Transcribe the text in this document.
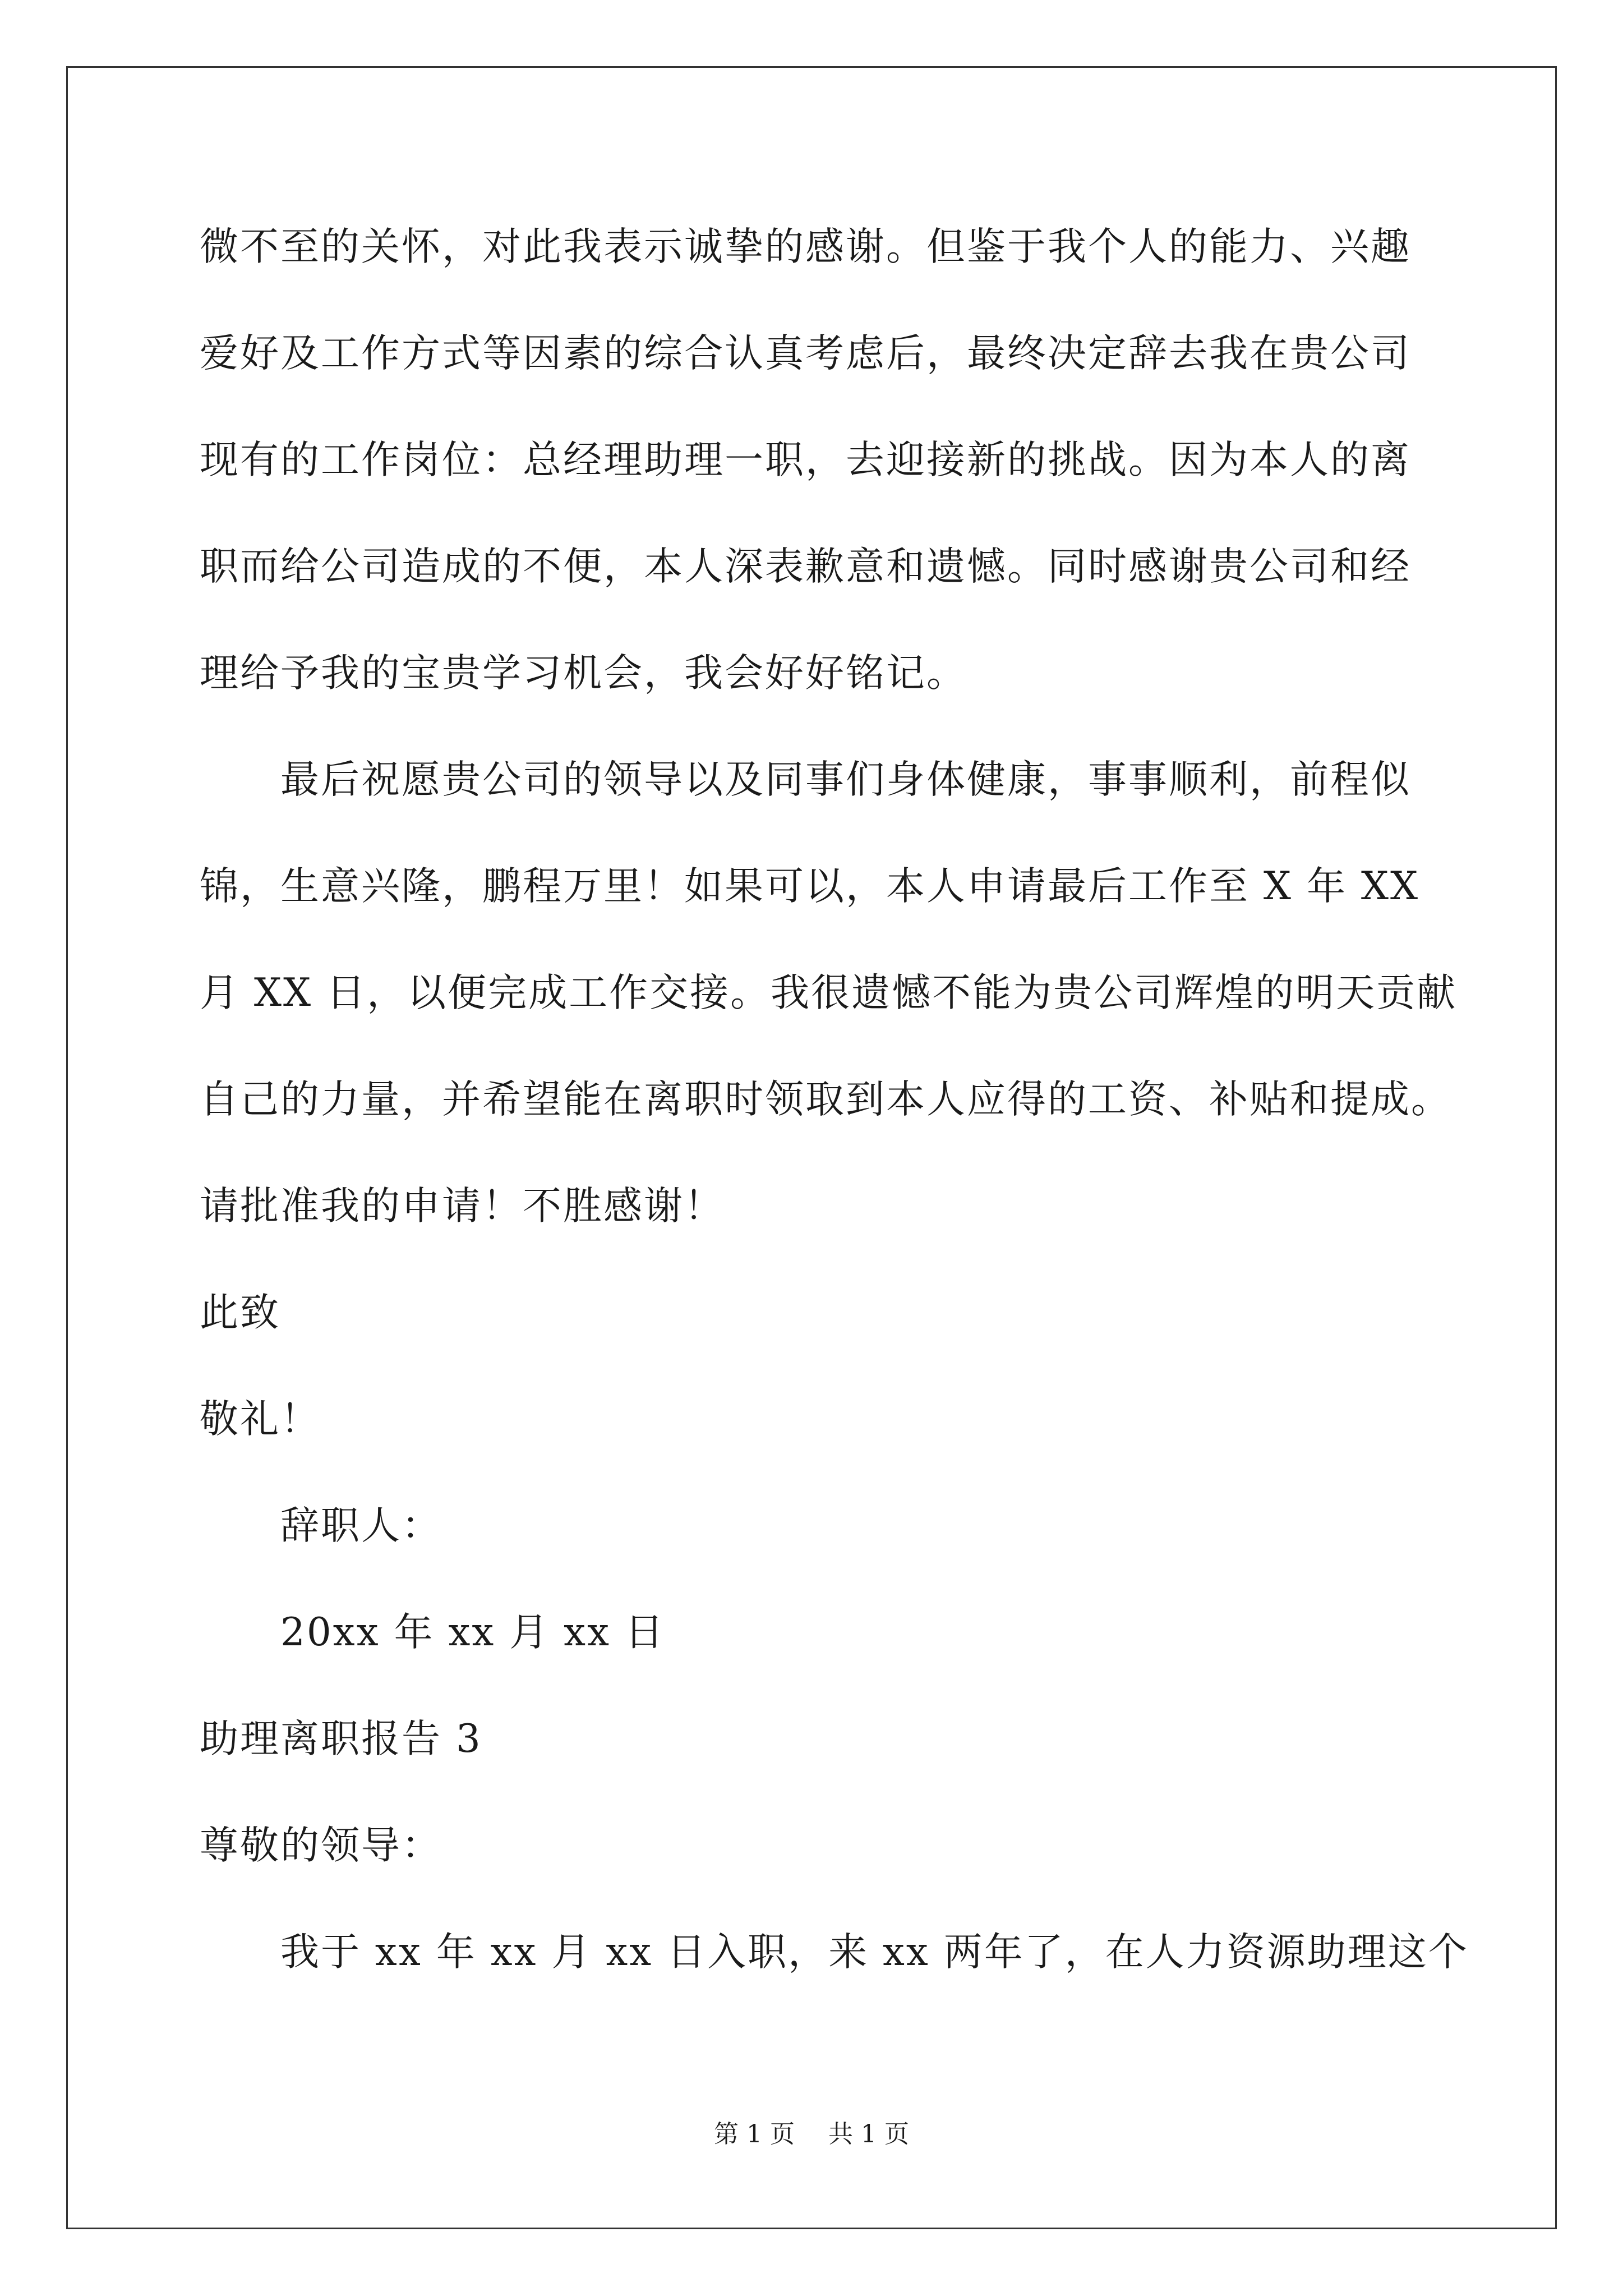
微不至的关怀，对此我表示诚挚的感谢。但鉴于我个人的能力、兴趣
爱好及工作方式等因素的综合认真考虑后，最终决定辞去我在贵公司
现有的工作岗位：总经理助理一职，去迎接新的挑战。因为本人的离
职而给公司造成的不便，本人深表歉意和遗憾。同时感谢贵公司和经
理给予我的宝贵学习机会，我会好好铭记。
最后祝愿贵公司的领导以及同事们身体健康，事事顺利，前程似
锦，生意兴隆，鹏程万里！如果可以，本人申请最后工作至 X 年 XX
月 XX 日，以便完成工作交接。我很遗憾不能为贵公司辉煌的明天贡献
自己的力量，并希望能在离职时领取到本人应得的工资、补贴和提成。
请批准我的申请！不胜感谢！
此致
敬礼！
辞职人：
20xx 年 xx 月 xx 日
助理离职报告 3
尊敬的领导：
我于 xx 年 xx 月 xx 日入职，来 xx 两年了，在人力资源助理这个
第 1 页 共 1 页
